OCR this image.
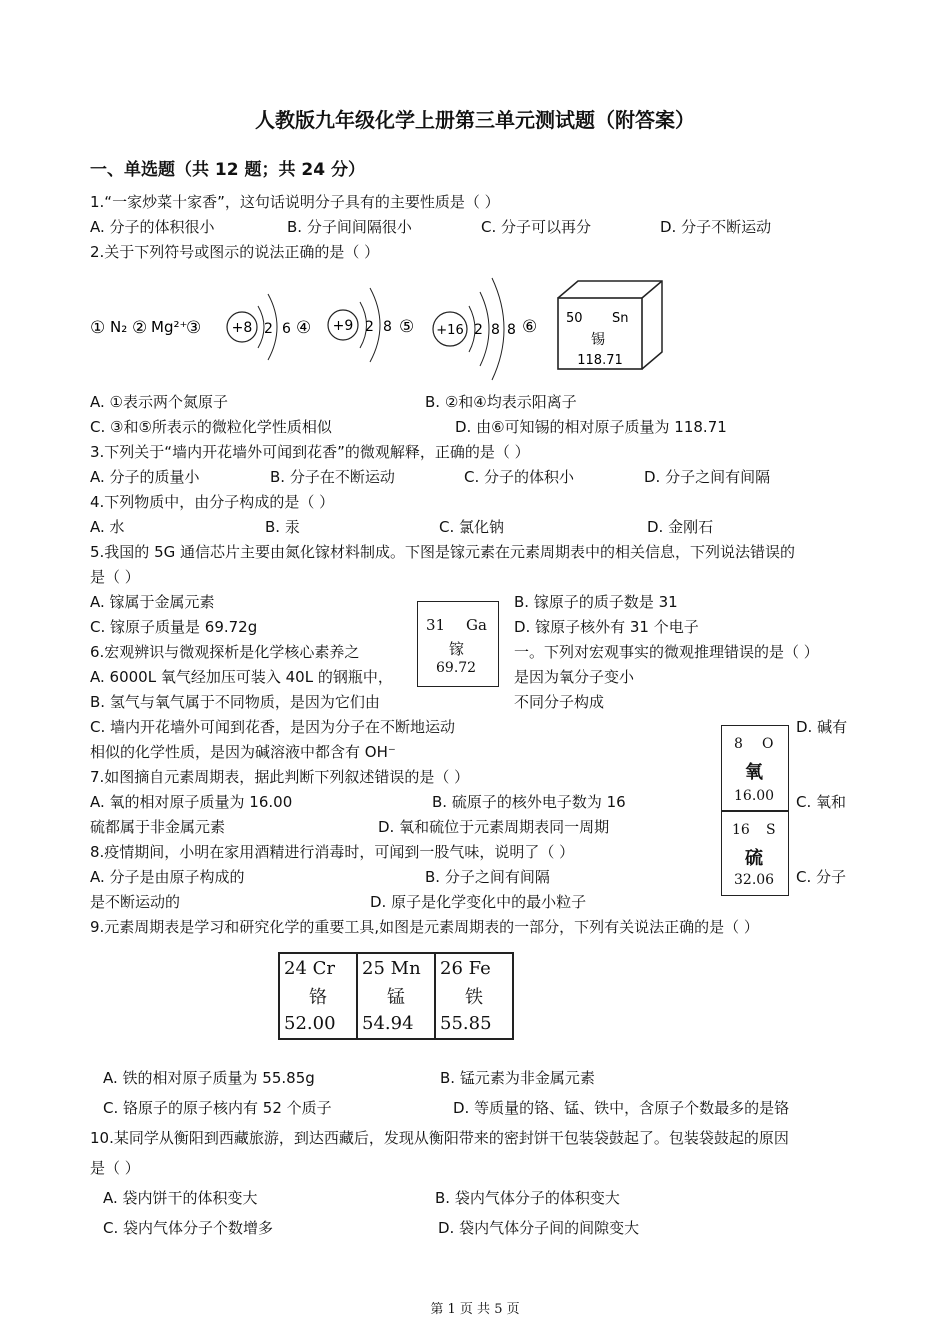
人教版九年级化学上册第三单元测试题（附答案）
一、单选题（共 12 题；共 24 分）
1.“一家炒菜十家香”，这句话说明分子具有的主要性质是（ ）
A. 分子的体积很小	B. 分子间间隔很小	C. 分子可以再分	D. 分子不断运动
2.关于下列符号或图示的说法正确的是（ ）
① N₂ ② Mg²⁺
③ +8 2 6 ④ +9 2 8 ⑤ +16 2 8 8 ⑥ 50 Sn
锡
118.71
A. ①表示两个氮原子	B. ②和④均表示阳离子
C. ③和⑤所表示的微粒化学性质相似	D. 由⑥可知锡的相对原子质量为 118.71
3.下列关于“墙内开花墙外可闻到花香”的微观解释，正确的是（ ）
A. 分子的质量小	B. 分子在不断运动	C. 分子的体积小	D. 分子之间有间隔
4.下列物质中，由分子构成的是（ ）
A. 水	B. 汞	C. 氯化钠	D. 金刚石
5.我国的 5G 通信芯片主要由氮化镓材料制成。下图是镓元素在元素周期表中的相关信息，下列说法错误的
是（ ）
A. 镓属于金属元素	B. 镓原子的质子数是 31
C. 镓原子质量是 69.72g	D. 镓原子核外有 31 个电子
31 Ga
镓
69.72
6.宏观辨识与微观探析是化学核心素养之	一。下列对宏观事实的微观推理错误的是（ ）
A. 6000L 氧气经加压可装入 40L 的钢瓶中，	是因为氧分子变小
B. 氢气与氧气属于不同物质，是因为它们由	不同分子构成
C. 墙内开花墙外可闻到花香，是因为分子在不断地运动	D. 碱有
相似的化学性质，是因为碱溶液中都含有 OH⁻	8 O
氧
16.00
16 S
硫
32.06
7.如图摘自元素周期表，据此判断下列叙述错误的是（ ）
A. 氧的相对原子质量为 16.00	B. 硫原子的核外电子数为 16	C. 氧和
硫都属于非金属元素	D. 氧和硫位于元素周期表同一周期
8.疫情期间，小明在家用酒精进行消毒时，可闻到一股气味，说明了（ ）
A. 分子是由原子构成的	B. 分子之间有间隔	C. 分子
是不断运动的	D. 原子是化学变化中的最小粒子
9.元素周期表是学习和研究化学的重要工具,如图是元素周期表的一部分，下列有关说法正确的是（ ）
24 Cr
铬
52.00

25 Mn
锰
54.94

26 Fe
铁
55.85
A. 铁的相对原子质量为 55.85g	B. 锰元素为非金属元素
C. 铬原子的原子核内有 52 个质子	D. 等质量的铬、锰、铁中，含原子个数最多的是铬
10.某同学从衡阳到西藏旅游，到达西藏后，发现从衡阳带来的密封饼干包装袋鼓起了。包装袋鼓起的原因
是（ ）
A. 袋内饼干的体积变大	B. 袋内气体分子的体积变大
C. 袋内气体分子个数增多	D. 袋内气体分子间的间隙变大
第 1 页 共 5 页
